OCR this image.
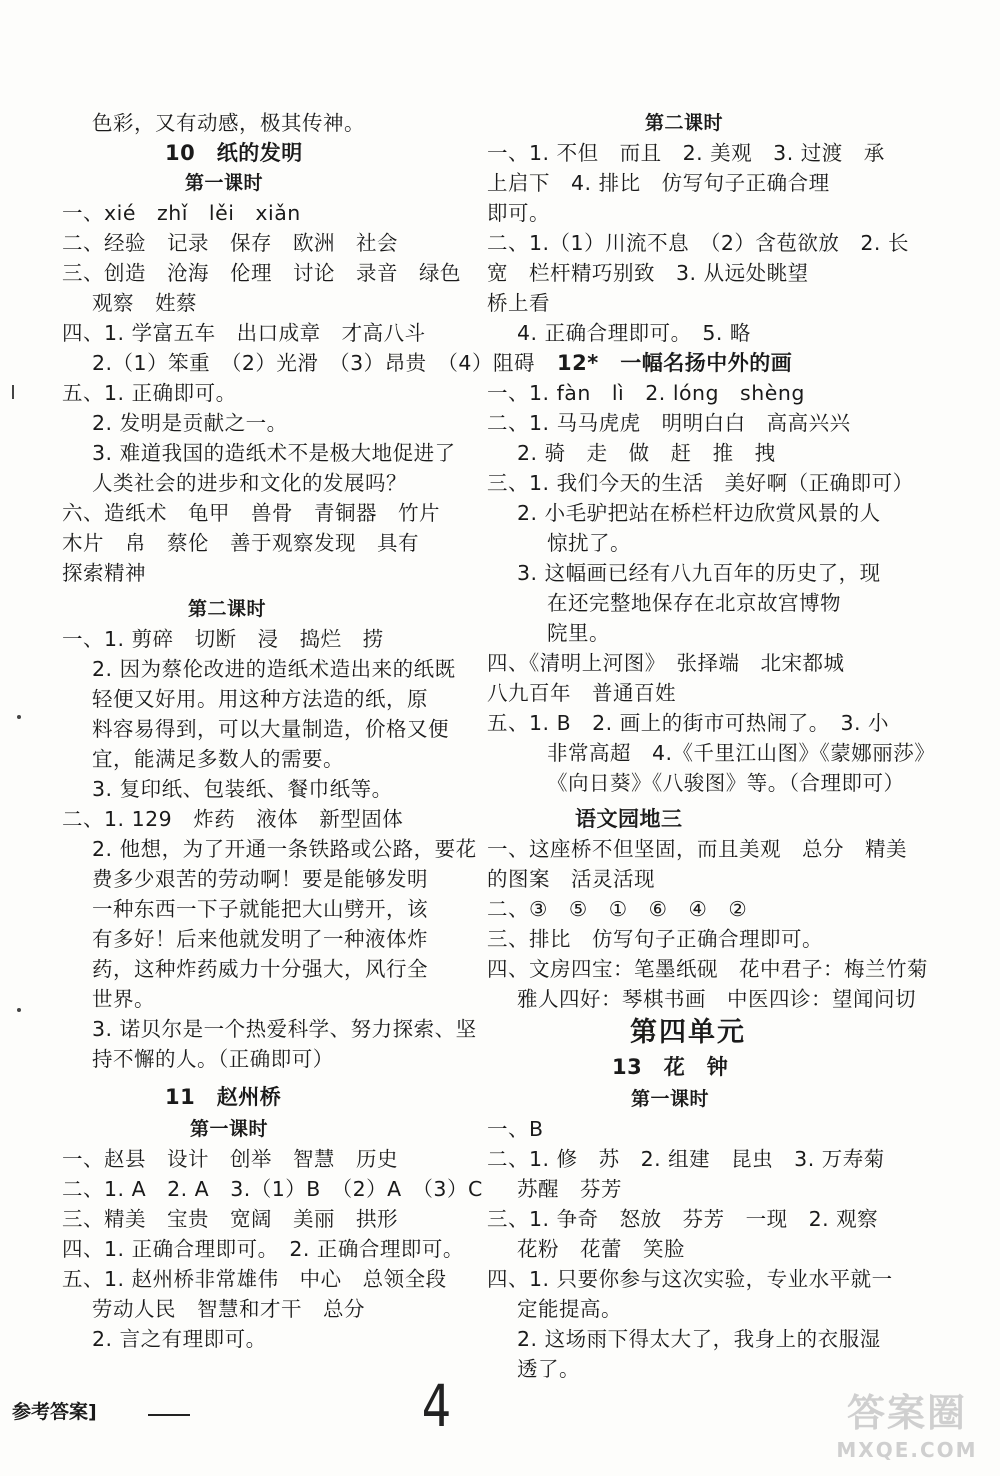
色彩，又有动感，极其传神。
10　纸的发明
第一课时
一、xié　zhǐ　lěi　xiǎn
二、经验　记录　保存　欧洲　社会
三、创造　沧海　伦理　讨论　录音　绿色
观察　姓蔡
四、1. 学富五车　出口成章　才高八斗
2.（1）笨重　（2）光滑　（3）昂贵　（4）阻碍
五、1. 正确即可。
2. 发明是贡献之一。
3. 难道我国的造纸术不是极大地促进了
人类社会的进步和文化的发展吗？
六、造纸术　龟甲　兽骨　青铜器　竹片
木片　帛　蔡伦　善于观察发现　具有
探索精神
第二课时
一、1. 剪碎　切断　浸　捣烂　捞
2. 因为蔡伦改进的造纸术造出来的纸既
轻便又好用。用这种方法造的纸，原
料容易得到，可以大量制造，价格又便
宜，能满足多数人的需要。
3. 复印纸、包装纸、餐巾纸等。
二、1. 129　炸药　液体　新型固体
2. 他想，为了开通一条铁路或公路，要花
费多少艰苦的劳动啊！要是能够发明
一种东西一下子就能把大山劈开，该
有多好！后来他就发明了一种液体炸
药，这种炸药威力十分强大，风行全
世界。
3. 诺贝尔是一个热爱科学、努力探索、坚
持不懈的人。（正确即可）
11　赵州桥
第一课时
一、赵县　设计　创举　智慧　历史
二、1. A　2. A　3.（1）B　（2）A　（3）C
三、精美　宝贵　宽阔　美丽　拱形
四、1. 正确合理即可。　2. 正确合理即可。
五、1. 赵州桥非常雄伟　中心　总领全段
劳动人民　智慧和才干　总分
2. 言之有理即可。
第二课时
一、1. 不但　而且　2. 美观　3. 过渡　承
上启下　4. 排比　仿写句子正确合理
即可。
二、1.（1）川流不息　（2）含苞欲放　2. 长
宽　栏杆精巧别致　3. 从远处眺望
桥上看
4. 正确合理即可。　5. 略
12*　一幅名扬中外的画
一、1. fàn　lì　2. lóng　shèng
二、1. 马马虎虎　明明白白　高高兴兴
2. 骑　走　做　赶　推　拽
三、1. 我们今天的生活　美好啊（正确即可）
2. 小毛驴把站在桥栏杆边欣赏风景的人
惊扰了。
3. 这幅画已经有八九百年的历史了，现
在还完整地保存在北京故宫博物
院里。
四、《清明上河图》　张择端　北宋都城
八九百年　普通百姓
五、1. B　2. 画上的街市可热闹了。　3. 小
非常高超　4.《千里江山图》《蒙娜丽莎》
《向日葵》《八骏图》等。（合理即可）
语文园地三
一、这座桥不但坚固，而且美观　总分　精美
的图案　活灵活现
二、③　⑤　①　⑥　④　②
三、排比　仿写句子正确合理即可。
四、文房四宝：笔墨纸砚　花中君子：梅兰竹菊
雅人四好：琴棋书画　中医四诊：望闻问切
第四单元
13　花　钟
第一课时
一、B
二、1. 修　苏　2. 组建　昆虫　3. 万寿菊
苏醒　芬芳
三、1. 争奇　怒放　芬芳　一现　2. 观察
花粉　花蕾　笑脸
四、1. 只要你参与这次实验，专业水平就一
定能提高。
2. 这场雨下得太大了，我身上的衣服湿
透了。
参考答案]	4	答案圈
MXQE.COM
